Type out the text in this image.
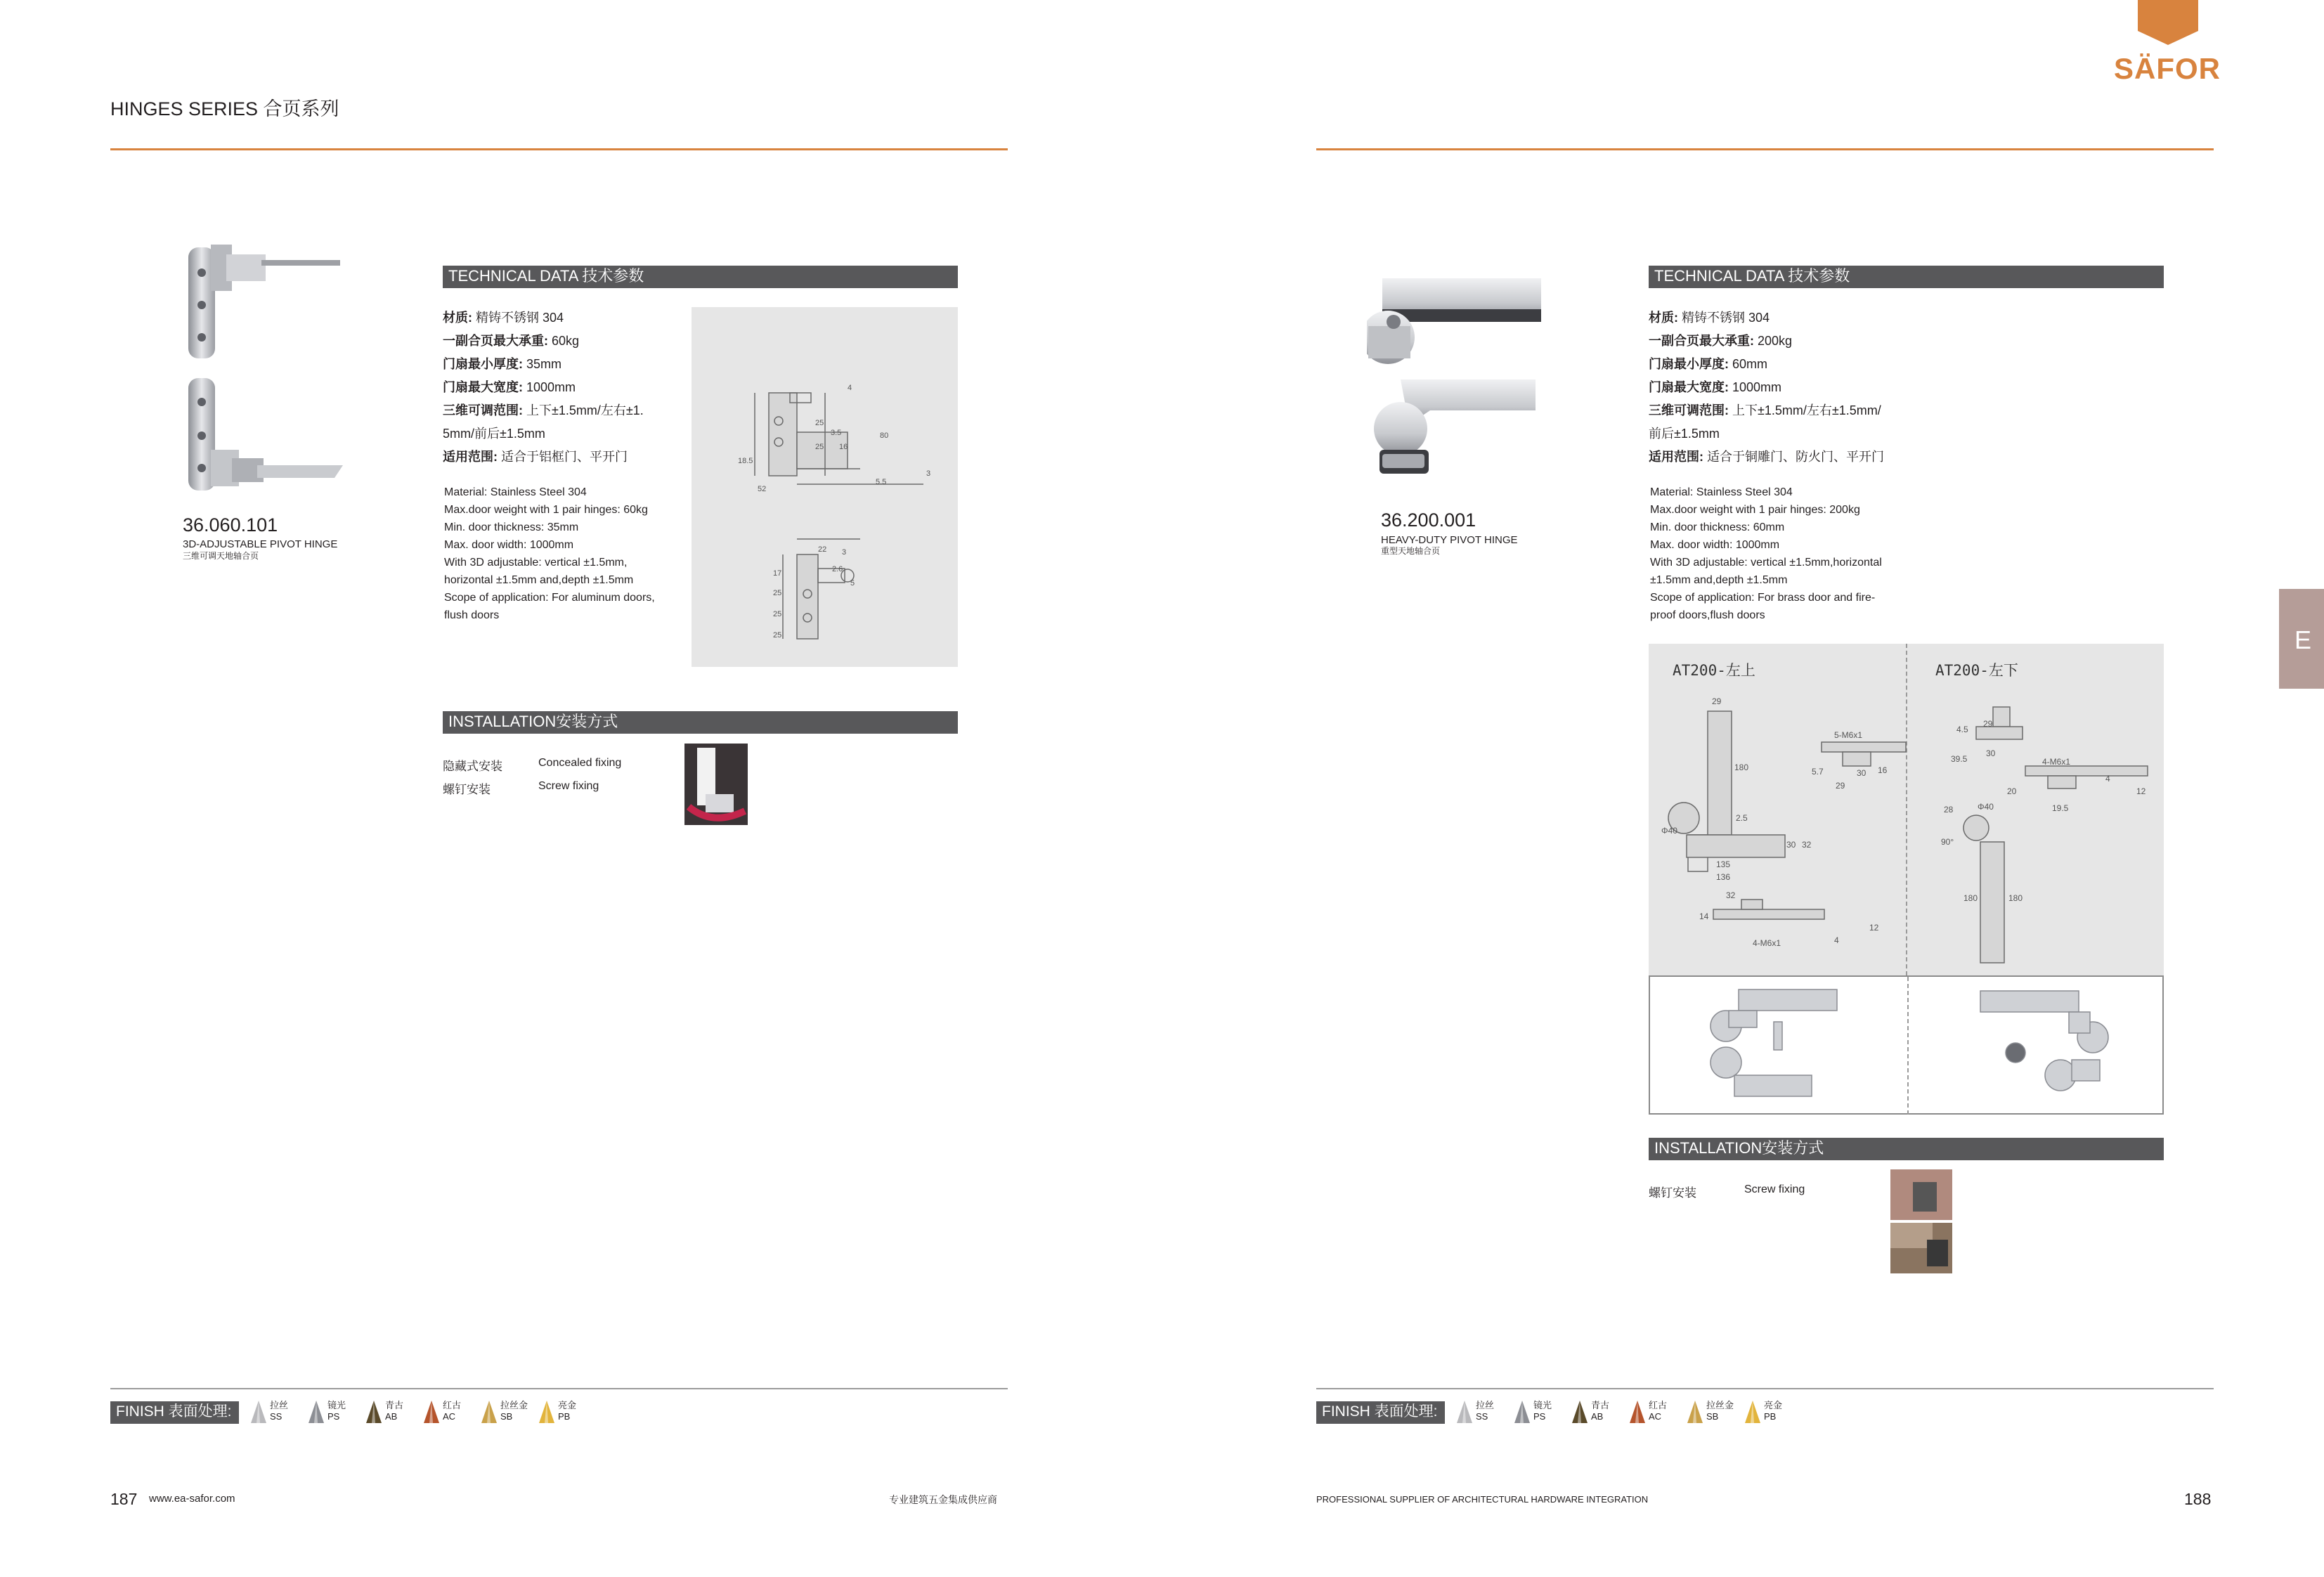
HINGES SERIES 合页系列
SÄFOR
E
36.060.101
3D-ADJUSTABLE PIVOT HINGE
三维可调天地轴合页
TECHNICAL DATA 技术参数
材质: 精铸不锈钢 304
一副合页最大承重: 60kg
门扇最小厚度: 35mm
门扇最大宽度: 1000mm
三维可调范围: 上下±1.5mm/左右±1.
5mm/前后±1.5mm
适用范围: 适合于铝框门、平开门
Material: Stainless Steel 304
Max.door weight with 1 pair hinges: 60kg
Min. door thickness: 35mm
Max. door width: 1000mm
With 3D adjustable: vertical ±1.5mm,
horizontal ±1.5mm and,depth ±1.5mm
Scope of application: For aluminum doors,
flush doors
4
25
25
3.5
16
80
18.5
52
5.5
3
22 3
17
25
25
25
2.6
5
INSTALLATION安装方式
隐藏式安装	Concealed fixing
螺钉安装	Screw fixing
36.200.001
HEAVY-DUTY PIVOT HINGE
重型天地轴合页
TECHNICAL DATA 技术参数
材质: 精铸不锈钢 304
一副合页最大承重: 200kg
门扇最小厚度: 60mm
门扇最大宽度: 1000mm
三维可调范围: 上下±1.5mm/左右±1.5mm/
前后±1.5mm
适用范围: 适合于铜雕门、防火门、平开门
Material: Stainless Steel 304
Max.door weight with 1 pair hinges: 200kg
Min. door thickness: 60mm
Max. door width: 1000mm
With 3D adjustable: vertical ±1.5mm,horizontal
±1.5mm and,depth ±1.5mm
Scope of application: For brass door and fire-
proof doors,flush doors
AT200-左上	AT200-左下
29
180
5-M6x1
5.7	30 16
29
2.5
Φ40
30 32
135
136
32
14
4-M6x1	4
12
29
39.5
4.5
30
4-M6x1
4
20
19.5
12
Φ40
28
90°
180	180
INSTALLATION安装方式
螺钉安装	Screw fixing
FINISH 表面处理:	FINISH 表面处理:
拉丝
SS
镜光
PS
青古
AB
红古
AC
拉丝金
SB
亮金
PB
拉丝
SS
镜光
PS
青古
AB
红古
AC
拉丝金
SB
亮金
PB
187 www.ea-safor.com	专业建筑五金集成供应商	PROFESSIONAL SUPPLIER OF ARCHITECTURAL HARDWARE INTEGRATION	188
